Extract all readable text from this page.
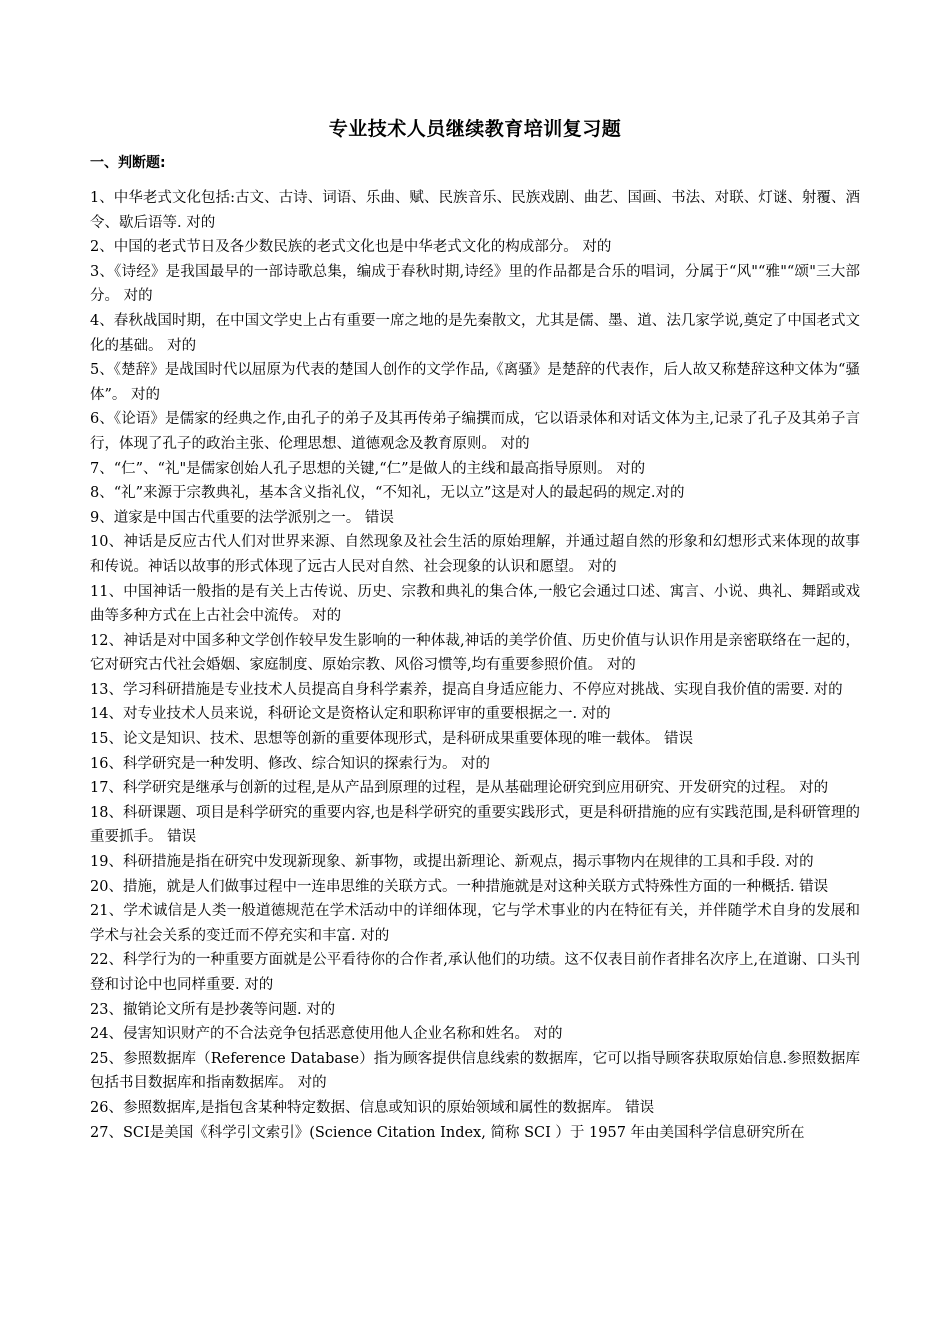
专业技术人员继续教育培训复习题
一、判断题:

1、中华老式文化包括:古文、古诗、词语、乐曲、赋、民族音乐、民族戏剧、曲艺、国画、书法、对联、灯谜、射覆、酒令、歇后语等. 对的

2、中国的老式节日及各少数民族的老式文化也是中华老式文化的构成部分。 对的

3、《诗经》是我国最早的一部诗歌总集，编成于春秋时期,诗经》里的作品都是合乐的唱词，分属于“风"“雅"“颂"三大部分。 对的

4、春秋战国时期，在中国文学史上占有重要一席之地的是先秦散文，尤其是儒、墨、道、法几家学说,奠定了中国老式文化的基础。 对的

5、《楚辞》是战国时代以屈原为代表的楚国人创作的文学作品,《离骚》是楚辞的代表作，后人故又称楚辞这种文体为“骚体”。 对的

6、《论语》是儒家的经典之作,由孔子的弟子及其再传弟子编撰而成，它以语录体和对话文体为主,记录了孔子及其弟子言行，体现了孔子的政治主张、伦理思想、道德观念及教育原则。 对的

7、“仁”、“礼"是儒家创始人孔子思想的关键,“仁”是做人的主线和最高指导原则。 对的

8、“礼”来源于宗教典礼，基本含义指礼仪，“不知礼，无以立”这是对人的最起码的规定.对的

9、道家是中国古代重要的法学派别之一。 错误

10、神话是反应古代人们对世界来源、自然现象及社会生活的原始理解，并通过超自然的形象和幻想形式来体现的故事和传说。神话以故事的形式体现了远古人民对自然、社会现象的认识和愿望。 对的

11、中国神话一般指的是有关上古传说、历史、宗教和典礼的集合体,一般它会通过口述、寓言、小说、典礼、舞蹈或戏曲等多种方式在上古社会中流传。 对的

12、神话是对中国多种文学创作较早发生影响的一种体裁,神话的美学价值、历史价值与认识作用是亲密联络在一起的，它对研究古代社会婚姻、家庭制度、原始宗教、风俗习惯等,均有重要参照价值。 对的

13、学习科研措施是专业技术人员提高自身科学素养，提高自身适应能力、不停应对挑战、实现自我价值的需要. 对的

14、对专业技术人员来说，科研论文是资格认定和职称评审的重要根据之一. 对的

15、论文是知识、技术、思想等创新的重要体现形式，是科研成果重要体现的唯一载体。 错误

16、科学研究是一种发明、修改、综合知识的探索行为。 对的

17、科学研究是继承与创新的过程,是从产品到原理的过程，是从基础理论研究到应用研究、开发研究的过程。 对的

18、科研课题、项目是科学研究的重要内容,也是科学研究的重要实践形式，更是科研措施的应有实践范围,是科研管理的重要抓手。 错误

19、科研措施是指在研究中发现新现象、新事物，或提出新理论、新观点，揭示事物内在规律的工具和手段. 对的

20、措施，就是人们做事过程中一连串思维的关联方式。一种措施就是对这种关联方式特殊性方面的一种概括. 错误

21、学术诚信是人类一般道德规范在学术活动中的详细体现，它与学术事业的内在特征有关，并伴随学术自身的发展和学术与社会关系的变迁而不停充实和丰富. 对的

22、科学行为的一种重要方面就是公平看待你的合作者,承认他们的功绩。这不仅表目前作者排名次序上,在道谢、口头刊登和讨论中也同样重要. 对的

23、撤销论文所有是抄袭等问题. 对的

24、侵害知识财产的不合法竞争包括恶意使用他人企业名称和姓名。 对的

25、参照数据库（Reference Database）指为顾客提供信息线索的数据库，它可以指导顾客获取原始信息.参照数据库包括书目数据库和指南数据库。 对的

26、参照数据库,是指包含某种特定数据、信息或知识的原始领域和属性的数据库。 错误

27、SCI是美国《科学引文索引》(Science Citation Index, 简称 SCI ）于 1957 年由美国科学信息研究所在
